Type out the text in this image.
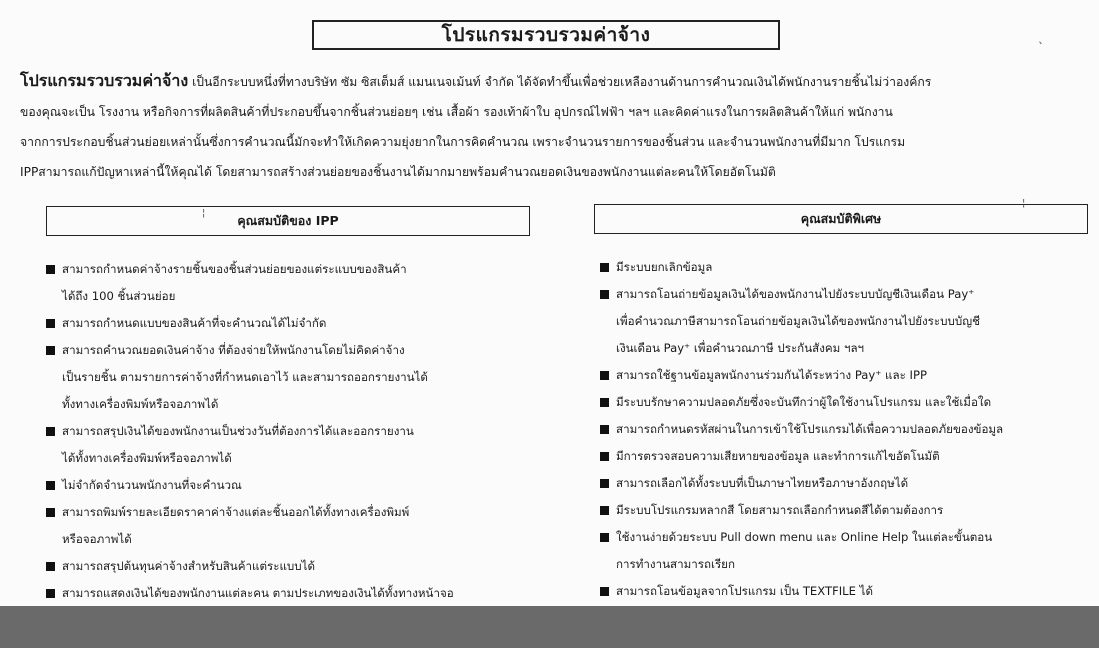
โปรแกรมรวบรวมค่าจ้าง

โปรแกรมรวบรวมค่าจ้าง เป็นอีกระบบหนึ่งที่ทางบริษัท ซัม ซิสเต็มส์ แมนเนจเม้นท์ จำกัด ได้จัดทำขึ้นเพื่อช่วยเหลืองานด้านการคำนวณเงินได้พนักงานรายชิ้นไม่ว่าองค์กร

ของคุณจะเป็น โรงงาน หรือกิจการที่ผลิตสินค้าที่ประกอบขึ้นจากชิ้นส่วนย่อยๆ เช่น เสื้อผ้า รองเท้าผ้าใบ อุปกรณ์ไฟฟ้า ฯลฯ และคิดค่าแรงในการผลิตสินค้าให้แก่ พนักงาน

จากการประกอบชิ้นส่วนย่อยเหล่านั้นซึ่งการคำนวณนี้มักจะทำให้เกิดความยุ่งยากในการคิดคำนวณ เพราะจำนวนรายการของชิ้นส่วน และจำนวนพนักงานที่มีมาก โปรแกรม

IPPสามารถแก้ปัญหาเหล่านี้ให้คุณได้ โดยสามารถสร้างส่วนย่อยของชิ้นงานได้มากมายพร้อมคำนวณยอดเงินของพนักงานแต่ละคนให้โดยอัตโนมัติ

คุณสมบัติของ IPP	คุณสมบัติพิเศษ
สามารถกำหนดค่าจ้างรายชิ้นของชิ้นส่วนย่อยของแต่ระแบบของสินค้า
ได้ถึง 100 ชิ้นส่วนย่อย
สามารถกำหนดแบบของสินค้าที่จะคำนวณได้ไม่จำกัด
สามารถคำนวณยอดเงินค่าจ้าง ที่ต้องจ่ายให้พนักงานโดยไม่คิดค่าจ้าง
เป็นรายชิ้น ตามรายการค่าจ้างที่กำหนดเอาไว้ และสามารถออกรายงานได้
ทั้งทางเครื่องพิมพ์หรือจอภาพได้
สามารถสรุปเงินได้ของพนักงานเป็นช่วงวันที่ต้องการได้และออกรายงาน
ได้ทั้งทางเครื่องพิมพ์หรือจอภาพได้
ไม่จำกัดจำนวนพนักงานที่จะคำนวณ
สามารถพิมพ์รายละเอียดราคาค่าจ้างแต่ละชิ้นออกได้ทั้งทางเครื่องพิมพ์
หรือจอภาพได้
สามารถสรุปต้นทุนค่าจ้างสำหรับสินค้าแต่ระแบบได้
สามารถแสดงเงินได้ของพนักงานแต่ละคน ตามประเภทของเงินได้ทั้งทางหน้าจอ
มีระบบยกเลิกข้อมูล
สามารถโอนถ่ายข้อมูลเงินได้ของพนักงานไปยังระบบบัญชีเงินเดือน Pay⁺
เพื่อคำนวณภาษีสามารถโอนถ่ายข้อมูลเงินได้ของพนักงานไปยังระบบบัญชี
เงินเดือน Pay⁺ เพื่อคำนวณภาษี ประกันสังคม ฯลฯ
สามารถใช้ฐานข้อมูลพนักงานร่วมกันได้ระหว่าง Pay⁺ และ IPP
มีระบบรักษาความปลอดภัยซึ่งจะบันทึกว่าผู้ใดใช้งานโปรแกรม และใช้เมื่อใด
สามารถกำหนดรหัสผ่านในการเข้าใช้โปรแกรมได้เพื่อความปลอดภัยของข้อมูล
มีการตรวจสอบความเสียหายของข้อมูล และทำการแก้ไขอัตโนมัติ
สามารถเลือกได้ทั้งระบบที่เป็นภาษาไทยหรือภาษาอังกฤษได้
มีระบบโปรแกรมหลากสี โดยสามารถเลือกกำหนดสีได้ตามต้องการ
ใช้งานง่ายด้วยระบบ Pull down menu และ Online Help ในแต่ละขั้นตอน
การทำงานสามารถเรียก
สามารถโอนข้อมูลจากโปรแกรม เป็น TEXTFILE ได้
¦
¦
ˎ
